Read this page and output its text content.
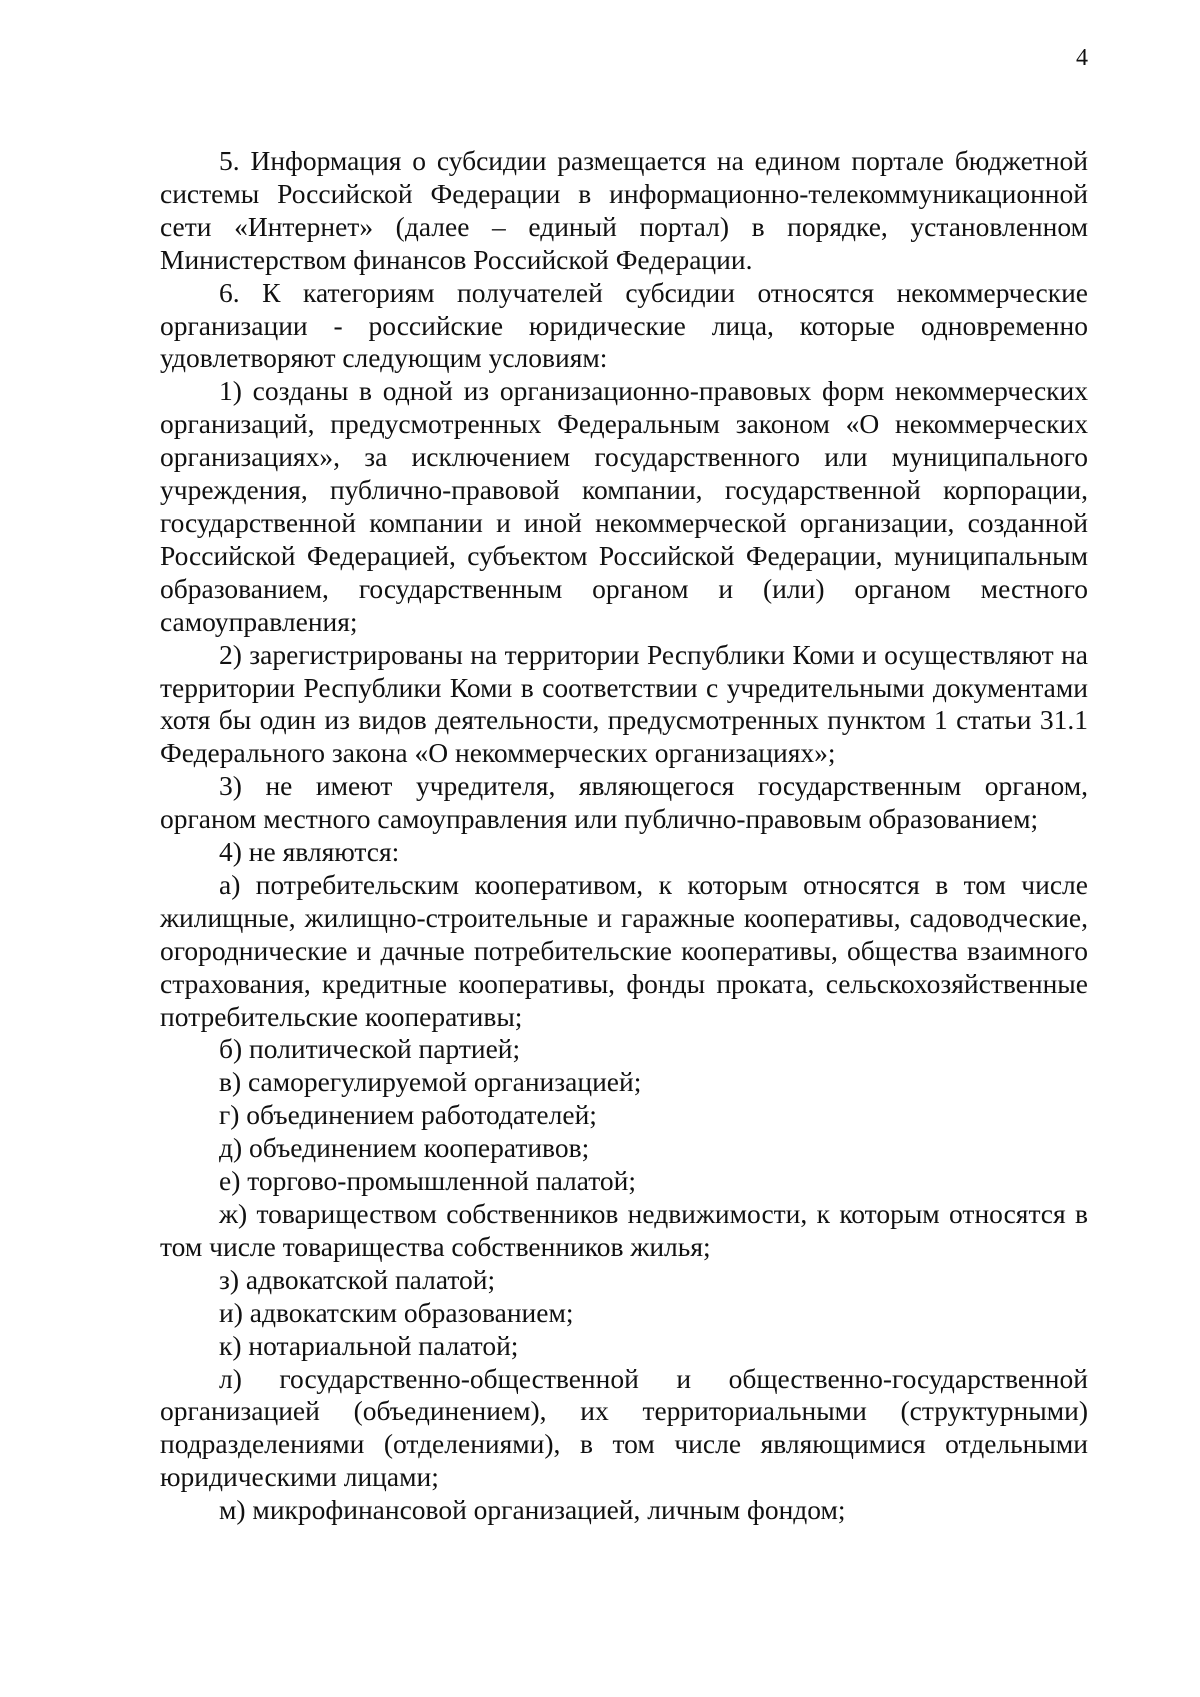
4

5. Информация о субсидии размещается на едином портале бюджетной системы Российской Федерации в информационно-телекоммуникационной сети «Интернет» (далее – единый портал) в порядке, установленном Министерством финансов Российской Федерации.

6. К категориям получателей субсидии относятся некоммерческие организации - российские юридические лица, которые одновременно удовлетворяют следующим условиям:

1) созданы в одной из организационно-правовых форм некоммерческих организаций, предусмотренных Федеральным законом «О некоммерческих организациях», за исключением государственного или муниципального учреждения, публично-правовой компании, государственной корпорации, государственной компании и иной некоммерческой организации, созданной Российской Федерацией, субъектом Российской Федерации, муниципальным образованием, государственным органом и (или) органом местного самоуправления;

2) зарегистрированы на территории Республики Коми и осуществляют на территории Республики Коми в соответствии с учредительными документами хотя бы один из видов деятельности, предусмотренных пунктом 1 статьи 31.1 Федерального закона «О некоммерческих организациях»;

3) не имеют учредителя, являющегося государственным органом, органом местного самоуправления или публично-правовым образованием;

4) не являются:

а) потребительским кооперативом, к которым относятся в том числе жилищные, жилищно-строительные и гаражные кооперативы, садоводческие, огороднические и дачные потребительские кооперативы, общества взаимного страхования, кредитные кооперативы, фонды проката, сельскохозяйственные потребительские кооперативы;

б) политической партией;

в) саморегулируемой организацией;

г) объединением работодателей;

д) объединением кооперативов;

е) торгово-промышленной палатой;

ж) товариществом собственников недвижимости, к которым относятся в том числе товарищества собственников жилья;

з) адвокатской палатой;

и) адвокатским образованием;

к) нотариальной палатой;

л) государственно-общественной и общественно-государственной организацией (объединением), их территориальными (структурными) подразделениями (отделениями), в том числе являющимися отдельными юридическими лицами;

м) микрофинансовой организацией, личным фондом;
